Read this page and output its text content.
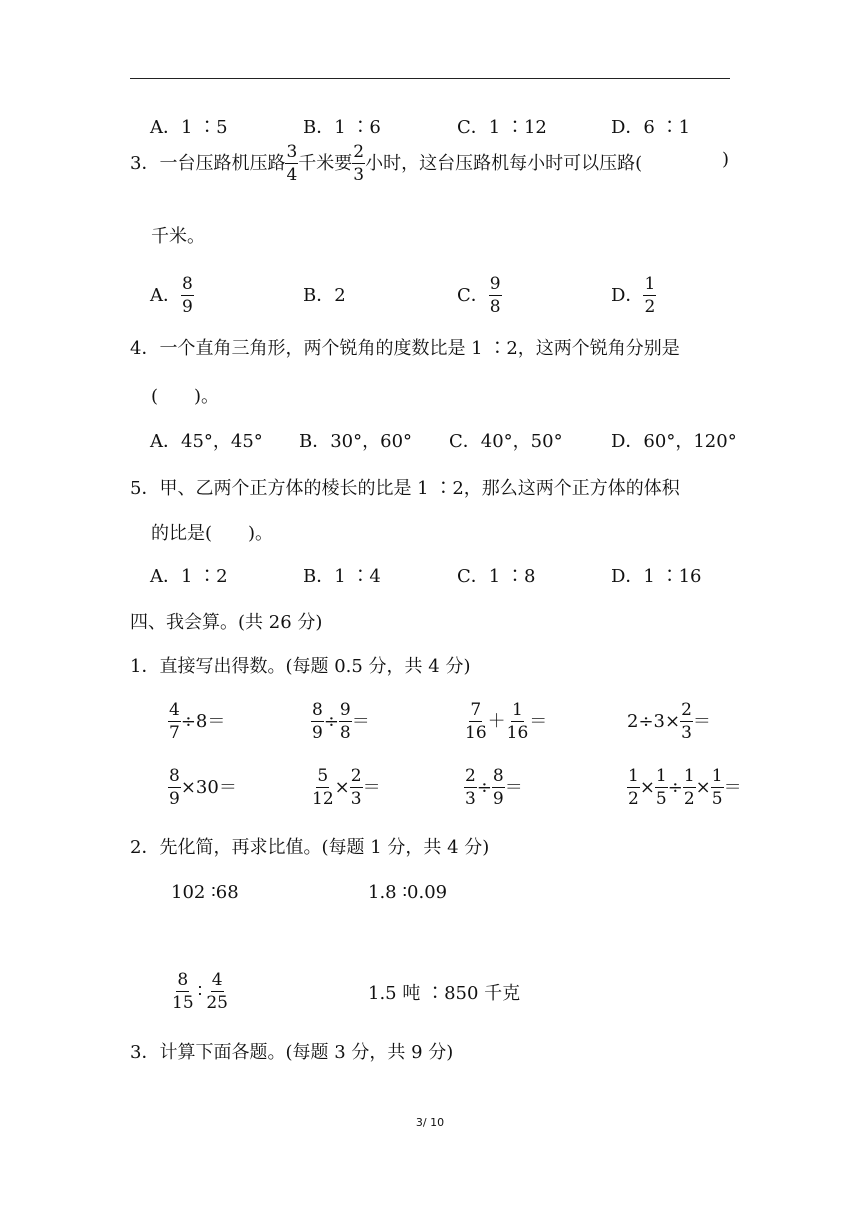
A．1 ∶5	B．1 ∶6	C．1 ∶12	D．6 ∶1
3．一台压路机压路 $\frac{3}{4}$ 千米要 $\frac{2}{3}$ 小时，这台压路机每小时可以压路(	)
千米。
A． $\frac{8}{9}$	B．2	C． $\frac{9}{8}$	D． $\frac{1}{2}$
4．一个直角三角形，两个锐角的度数比是 1 ∶2，这两个锐角分别是
(　　)。
A．45°，45° B．30°，60° C．40°，50°	D．60°，120°
5．甲、乙两个正方体的棱长的比是 1 ∶2，那么这两个正方体的体积
的比是(　　)。
A．1 ∶2	B．1 ∶4	C．1 ∶8	D．1 ∶16
四、我会算。(共 26 分)
1．直接写出得数。(每题 0.5 分，共 4 分)
$\frac{4}{7} \div 8=$	$\frac{8}{9} \div \frac{9}{8}$ ＝	$\frac{7}{16} + \frac{1}{16}$ ＝	$2\div 3\times \frac{2}{3}$ ＝
$\frac{8}{9} \times 30=$	$\frac{5}{12} \times \frac{2}{3}$ ＝	$\frac{2}{3} \div \frac{8}{9}$ ＝	$\frac{1}{2} \times \frac{1}{5} \div \frac{1}{2} \times \frac{1}{5}$ ＝
2．先化简，再求比值。(每题 1 分，共 4 分)
102 ∶68	1.8 ∶0.09
$\frac{8}{15}$ ∶ $\frac{4}{25}$	1.5 吨 ∶850 千克
3．计算下面各题。(每题 3 分，共 9 分)
3/ 10
